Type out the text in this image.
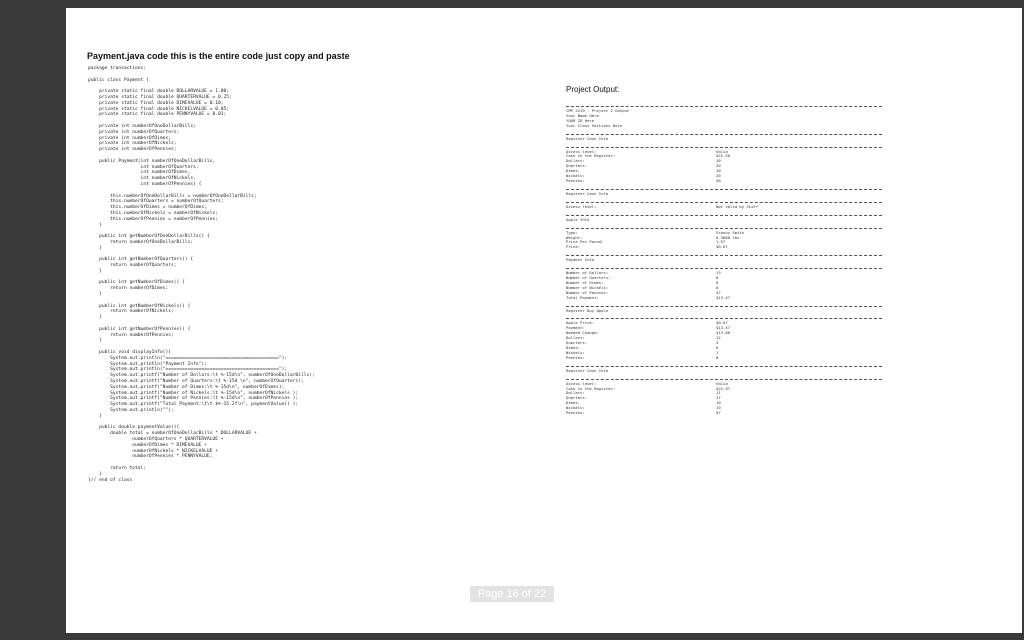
Payment.java code this is the entire code just copy and paste
package transactions;

public class Payment {

private static final double DOLLARVALUE = 1.00;
private static final double QUARTERVALUE = 0.25;
private static final double DIMEVALUE = 0.10;
private static final double NICKELVALUE = 0.05;
private static final double PENNYVALUE = 0.01;

private int numberOfOneDollarBills;
private int numberOfQuarters;
private int numberOfDimes;
private int numberOfNickels;
private int numberOfPennies;

public Payment(int numberOfOneDollarBills,
int numberOfQuarters,
int numberOfDimes,
int numberOfNickels,
int numberOfPennies) {

this.numberOfOneDollarBills = numberOfOneDollarBills;
this.numberOfQuarters = numberOfQuarters;
this.numberOfDimes = numberOfDimes;
this.numberOfNickels = numberOfNickels;
this.numberOfPennies = numberOfPennies;
}

public int getNumberOfOneDollarBills() {
return numberOfOneDollarBills;
}

public int getNumberOfQuarters() {
return numberOfQuarters;
}

public int getNumberOfDimes() {
return numberOfDimes;
}

public int getNumberOfNickels() {
return numberOfNickels;
}

public int getNumberOfPennies() {
return numberOfPennies;
}

public void displayInfo(){
System.out.println("=========================================");
System.out.println("Payment Info");
System.out.println("=========================================");
System.out.printf("Number of Dollars:\t %-15d\n", numberOfOneDollarBills);
System.out.printf("Number of Quarters:\t %-15d \n", numberOfQuarters);
System.out.printf("Number of Dimes:\t %-15d\n", numberOfDimes);
System.out.printf("Number of Nickels:\t %-15d\n", numberOfNickels );
System.out.printf("Number of Pennies:\t %-15d\n", numberOfPennies );
System.out.printf("Total Payment:\t\t $%-15.2f\n", paymentValue() );
System.out.println("");
}

public double paymentValue(){
double total = numberOfOneDollarBills * DOLLARVALUE +
numberOfQuarters * QUARTERVALUE +
numberOfDimes * DIMEVALUE +
numberOfNickels * NICKELVALUE +
numberOfPennies * PENNYVALUE;

return total;
}
}// end of class
Project Output:
CMP 2219 - Project 2 Output
Your Name Here
YOUR ID Here
Your Class Sections Here
Register Cash Info
Access level:	Valid
Cash in the Register:	$22.50
Dollars:	10
Quarters:	20
Dimes:	10
Nickels:	20
Pennies:	50
Register Cash Info
Access level:	Not valid by Staff
Apple Info
Type:	Granny Smith
Weight:	0.3888 lbs
Price Per Pound:	1.57
Price:	$0.67
Payment Info
Number of Dollars:	13
Number of Quarters:	0
Number of Dimes:	0
Number of Nickels:	0
Number of Pennies:	47
Total Payment:	$13.47
Register Buy Apple
Apple Price:	$0.67
Payment:	$13.47
Needed Change:	$12.80
Dollars:	12
Quarters:	3
Dimes:	0
Nickels:	1
Pennies:	0
Register Cash Info
Access level:	Valid
Cash in the Register:	$22.97
Dollars:	11
Quarters:	17
Dimes:	10
Nickels:	19
Pennies:	97
Page 16 of 22
